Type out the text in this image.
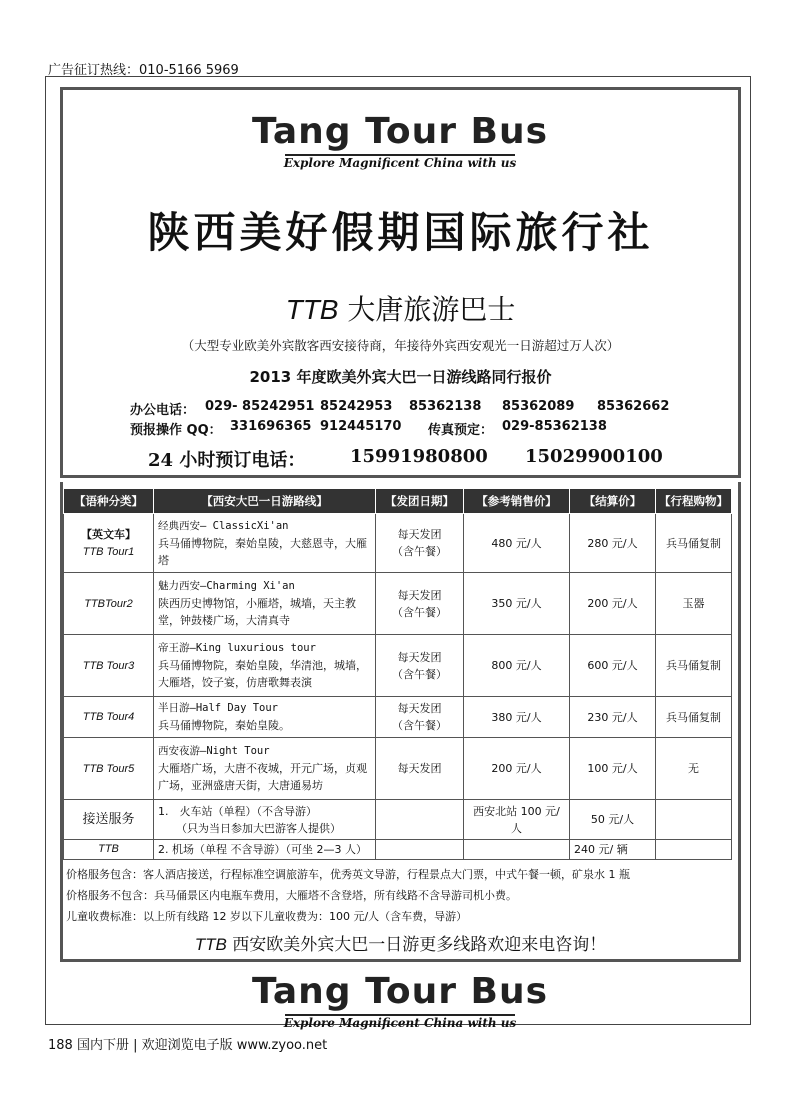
广告征订热线：010-5166 5969
Tang Tour Bus
Explore Magnificent China with us
陕西美好假期国际旅行社
TTB 大唐旅游巴士
（大型专业欧美外宾散客西安接待商，年接待外宾西安观光一日游超过万人次）
2013 年度欧美外宾大巴一日游线路同行报价
办公电话： 029- 85242951 85242953 85362138 85362089 85362662
预报操作 QQ： 331696365 912445170 传真预定： 029-85362138
24 小时预订电话： 15991980800 15029900100
【语种分类】	【西安大巴一日游路线】	【发团日期】	【参考销售价】	【结算价】	【行程购物】

【英文车】
TTB Tour1	经典西安— ClassicXi'an
兵马俑博物院，秦始皇陵，大慈恩寺，大雁塔	每天发团
（含午餐）	480 元/人	280 元/人	兵马俑复制
TTBTour2	魅力西安—Charming Xi'an
陕西历史博物馆，小雁塔，城墙，天主教堂，钟鼓楼广场，大清真寺	每天发团
（含午餐）	350 元/人	200 元/人	玉器
TTB Tour3	帝王游—King luxurious tour
兵马俑博物院，秦始皇陵，华清池，城墙，大雁塔，饺子宴，仿唐歌舞表演	每天发团
（含午餐）	800 元/人	600 元/人	兵马俑复制
TTB Tour4	半日游—Half Day Tour
兵马俑博物院，秦始皇陵。	每天发团
（含午餐）	380 元/人	230 元/人	兵马俑复制
TTB Tour5	西安夜游—Night Tour
大雁塔广场，大唐不夜城，开元广场，贞观广场，亚洲盛唐天街，大唐通易坊	每天发团	200 元/人	100 元/人	无
接送服务	1.　火车站（单程）（不含导游）
（只为当日参加大巴游客人提供）		西安北站 100 元/人	50 元/人	
TTB	2. 机场（单程 不含导游）（可坐 2—3 人）			240 元/ 辆	
价格服务包含：客人酒店接送，行程标准空调旅游车，优秀英文导游，行程景点大门票，中式午餐一顿，矿泉水 1 瓶
价格服务不包含：兵马俑景区内电瓶车费用，大雁塔不含登塔，所有线路不含导游司机小费。
儿童收费标准：以上所有线路 12 岁以下儿童收费为：100 元/人（含车费，导游）
TTB 西安欧美外宾大巴一日游更多线路欢迎来电咨询！
Tang Tour Bus
Explore Magnificent China with us
188 国内下册 | 欢迎浏览电子版 www.zyoo.net
